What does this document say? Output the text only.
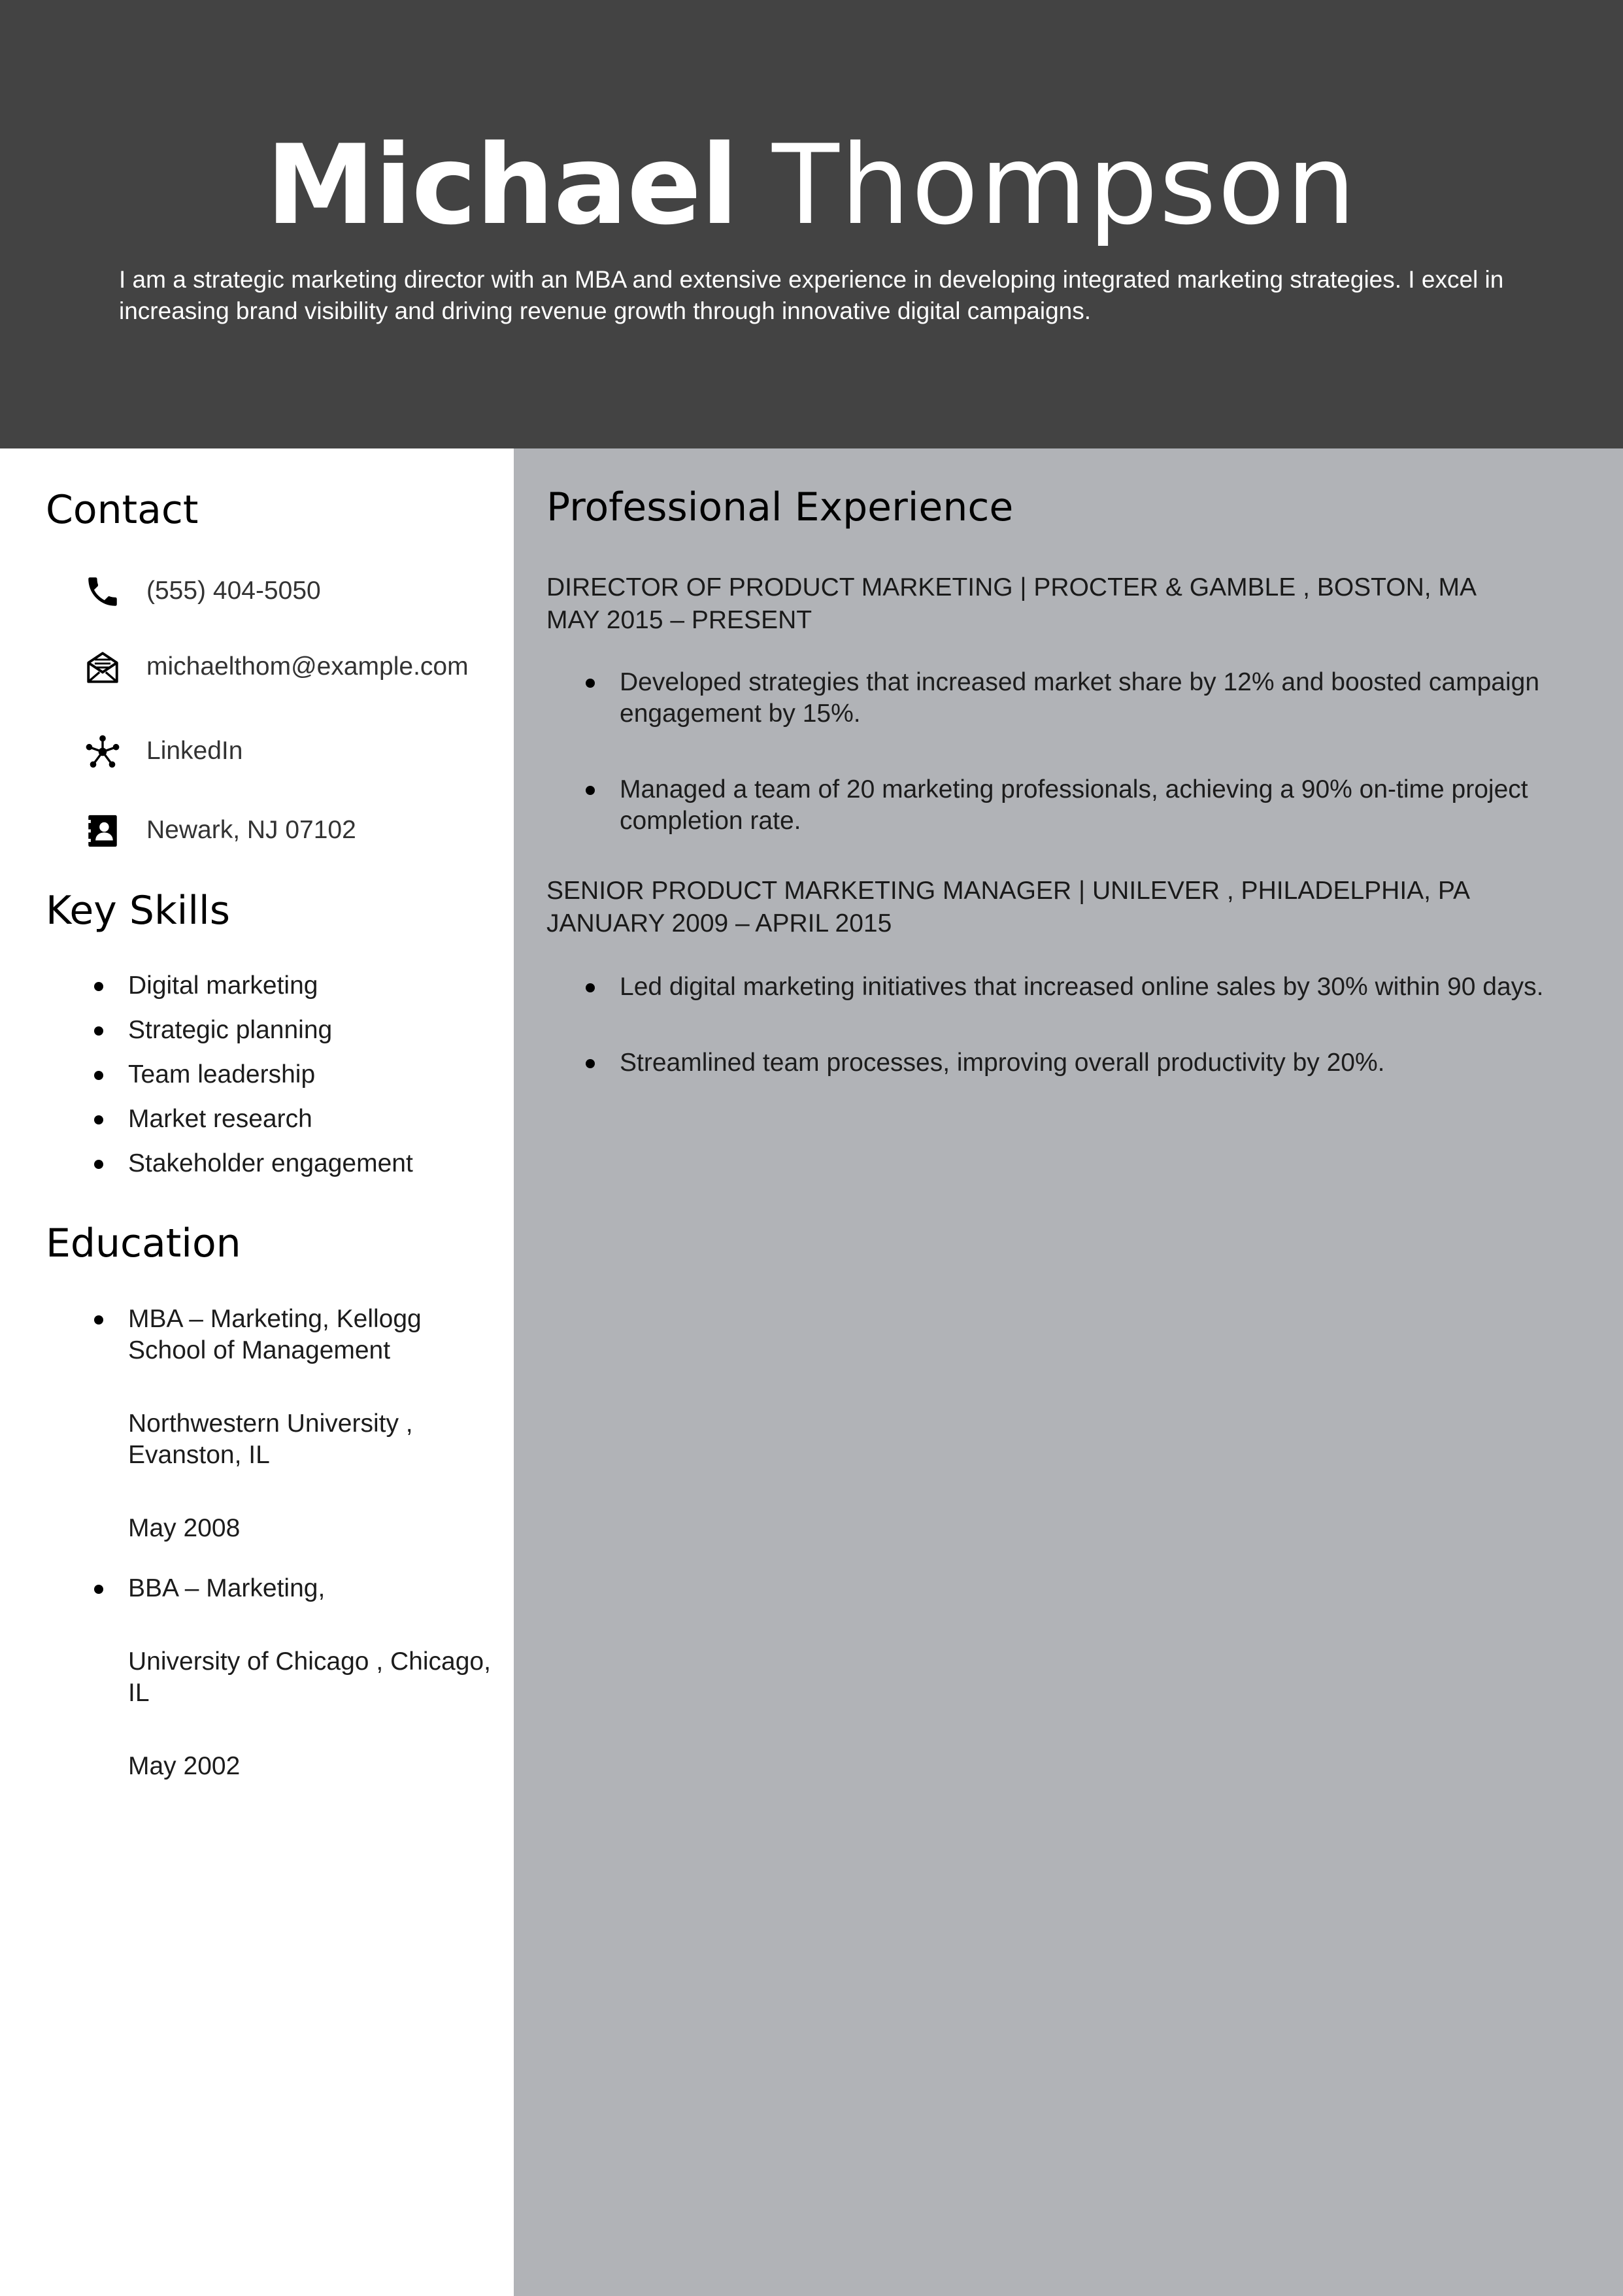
Michael Thompson
I am a strategic marketing director with an MBA and extensive experience in developing integrated marketing strategies. I excel in increasing brand visibility and driving revenue growth through innovative digital campaigns.
Contact
(555) 404-5050
michaelthom@example.com
LinkedIn
Newark, NJ 07102
Key Skills
Digital marketing
Strategic planning
Team leadership
Market research
Stakeholder engagement
Education

MBA – Marketing, Kellogg School of Management

Northwestern University , Evanston, IL

May 2008

BBA – Marketing,

University of Chicago , Chicago, IL

May 2002

Professional Experience
DIRECTOR OF PRODUCT MARKETING | PROCTER & GAMBLE , BOSTON, MA
MAY 2015 – PRESENT
Developed strategies that increased market share by 12% and boosted campaign engagement by 15%.
Managed a team of 20 marketing professionals, achieving a 90% on-time project completion rate.
SENIOR PRODUCT MARKETING MANAGER | UNILEVER , PHILADELPHIA, PA
JANUARY 2009 – APRIL 2015
Led digital marketing initiatives that increased online sales by 30% within 90 days.
Streamlined team processes, improving overall productivity by 20%.
